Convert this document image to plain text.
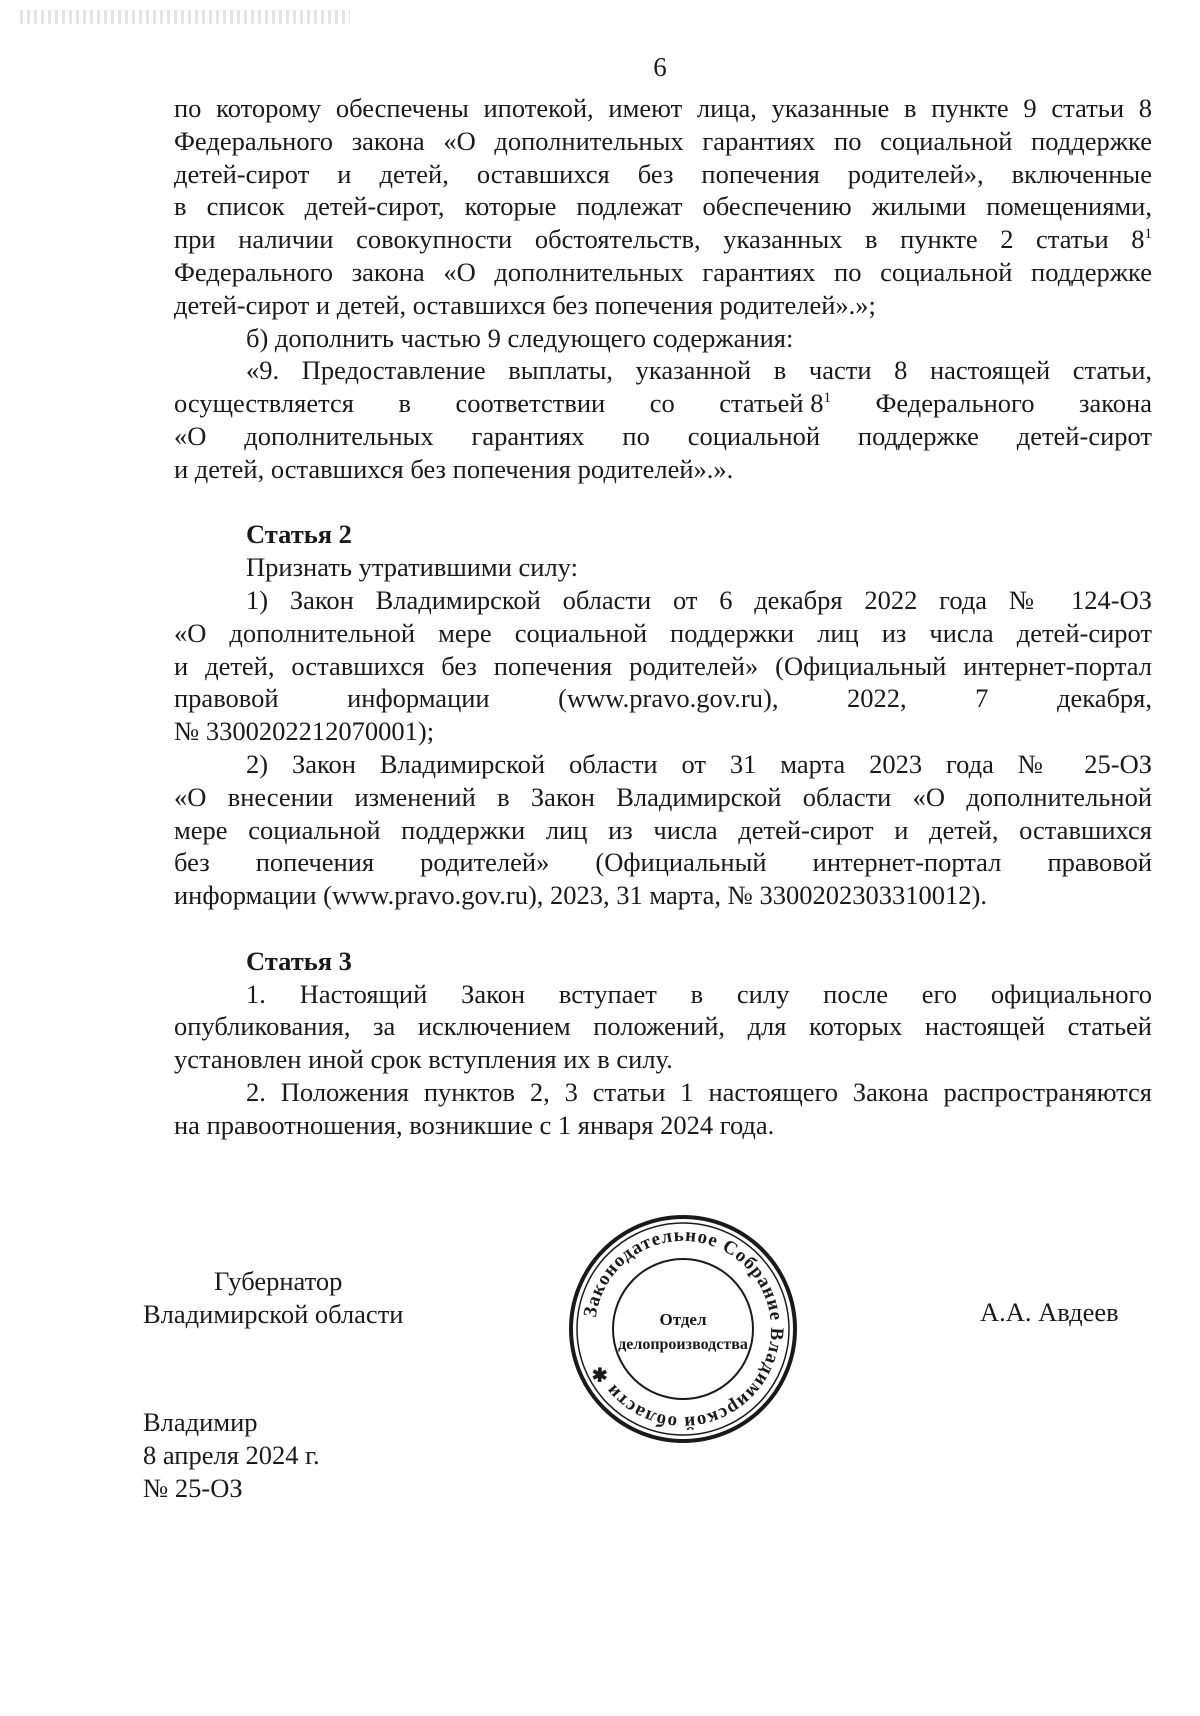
6
по которому обеспечены ипотекой, имеют лица, указанные в пункте 9 статьи 8
Федерального закона «О дополнительных гарантиях по социальной поддержке
детей-сирот и детей, оставшихся без попечения родителей», включенные
в список детей-сирот, которые подлежат обеспечению жилыми помещениями,
при наличии совокупности обстоятельств, указанных в пункте 2 статьи $8^1$
Федерального закона «О дополнительных гарантиях по социальной поддержке
детей-сирот и детей, оставшихся без попечения родителей».»;
б) дополнить частью 9 следующего содержания:
«9. Предоставление выплаты, указанной в части 8 настоящей статьи,
осуществляется в соответствии со статьей $8^1$ Федерального закона
«О дополнительных гарантиях по социальной поддержке детей-сирот
и детей, оставшихся без попечения родителей».».
Статья 2
Признать утратившими силу:
1) Закон Владимирской области от 6 декабря 2022 года № 124-ОЗ
«О дополнительной мере социальной поддержки лиц из числа детей-сирот
и детей, оставшихся без попечения родителей» (Официальный интернет-портал
правовой информации (www.pravo.gov.ru), 2022, 7 декабря,
№ 3300202212070001);
2) Закон Владимирской области от 31 марта 2023 года № 25-ОЗ
«О внесении изменений в Закон Владимирской области «О дополнительной
мере социальной поддержки лиц из числа детей-сирот и детей, оставшихся
без попечения родителей» (Официальный интернет-портал правовой
информации (www.pravo.gov.ru), 2023, 31 марта, № 3300202303310012).
Статья 3
1. Настоящий Закон вступает в силу после его официального
опубликования, за исключением положений, для которых настоящей статьей
установлен иной срок вступления их в силу.
2. Положения пунктов 2, 3 статьи 1 настоящего Закона распространяются
на правоотношения, возникшие с 1 января 2024 года.
Губернатор
Владимирской области	Законодательное Собрание Владимирской области ✱
Отдел
делопроизводства
А.А. Авдеев
Владимир
8 апреля 2024 г.
№ 25-ОЗ
